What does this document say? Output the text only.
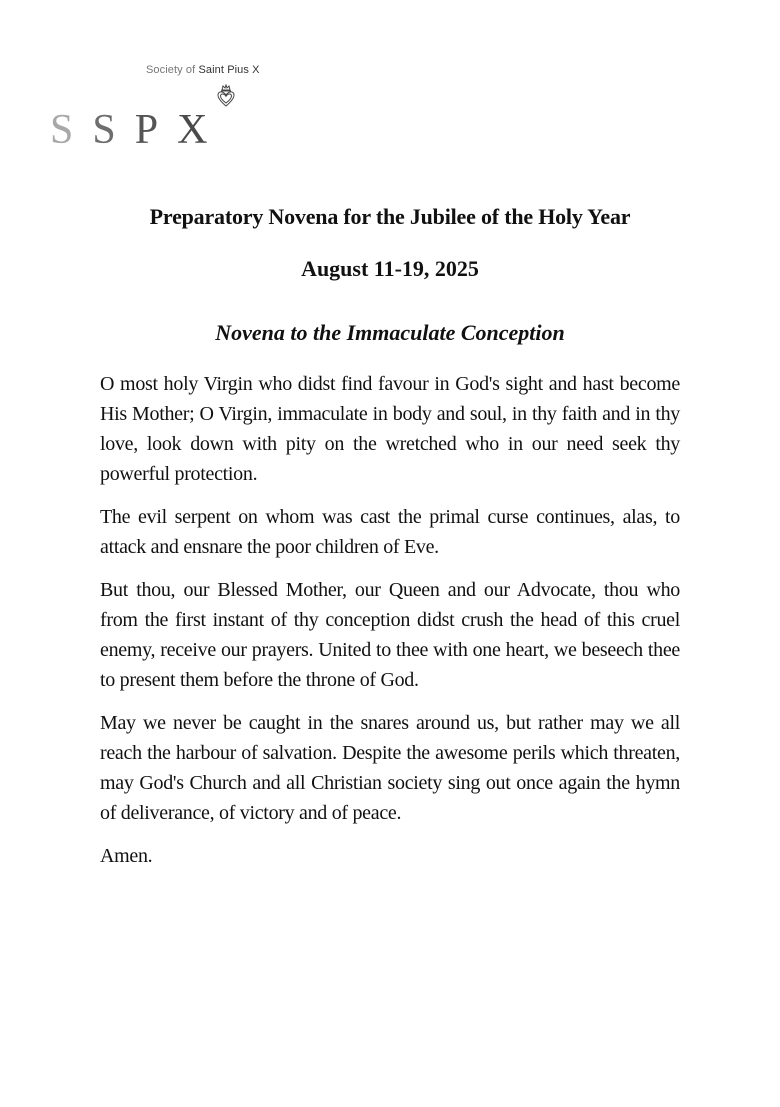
Society of Saint Pius X
SSPX
Preparatory Novena for the Jubilee of the Holy Year
August 11-19, 2025
Novena to the Immaculate Conception

O most holy Virgin who didst find favour in God's sight and hast become His Mother; O Virgin, immaculate in body and soul, in thy faith and in thy love, look down with pity on the wretched who in our need seek thy powerful protection.

The evil serpent on whom was cast the primal curse continues, alas, to attack and ensnare the poor children of Eve.

But thou, our Blessed Mother, our Queen and our Advocate, thou who from the first instant of thy conception didst crush the head of this cruel enemy, receive our prayers. United to thee with one heart, we beseech thee to present them before the throne of God.

May we never be caught in the snares around us, but rather may we all reach the harbour of salvation. Despite the awesome perils which threaten, may God's Church and all Christian society sing out once again the hymn of deliverance, of victory and of peace.

Amen.
